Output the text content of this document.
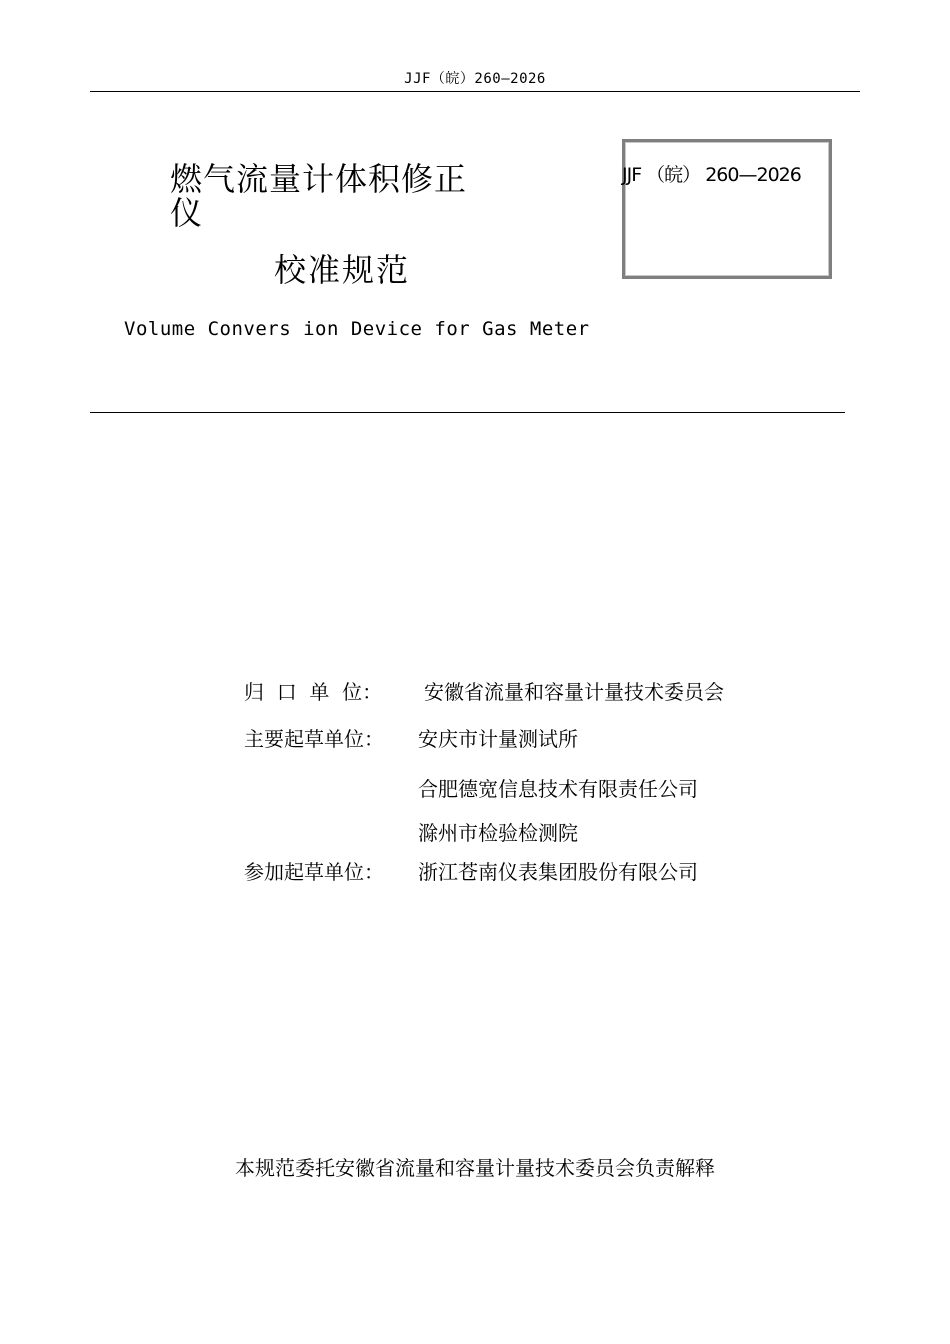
JJF（皖）260—2026
燃气流量计体积修正仪
校准规范
Volume Convers ion Device for Gas Meter
JJF （皖） 260—2026
归  口  单  位： 安徽省流量和容量计量技术委员会
主要起草单位： 安庆市计量测试所
合肥德宽信息技术有限责任公司
滁州市检验检测院
参加起草单位： 浙江苍南仪表集团股份有限公司
本规范委托安徽省流量和容量计量技术委员会负责解释
